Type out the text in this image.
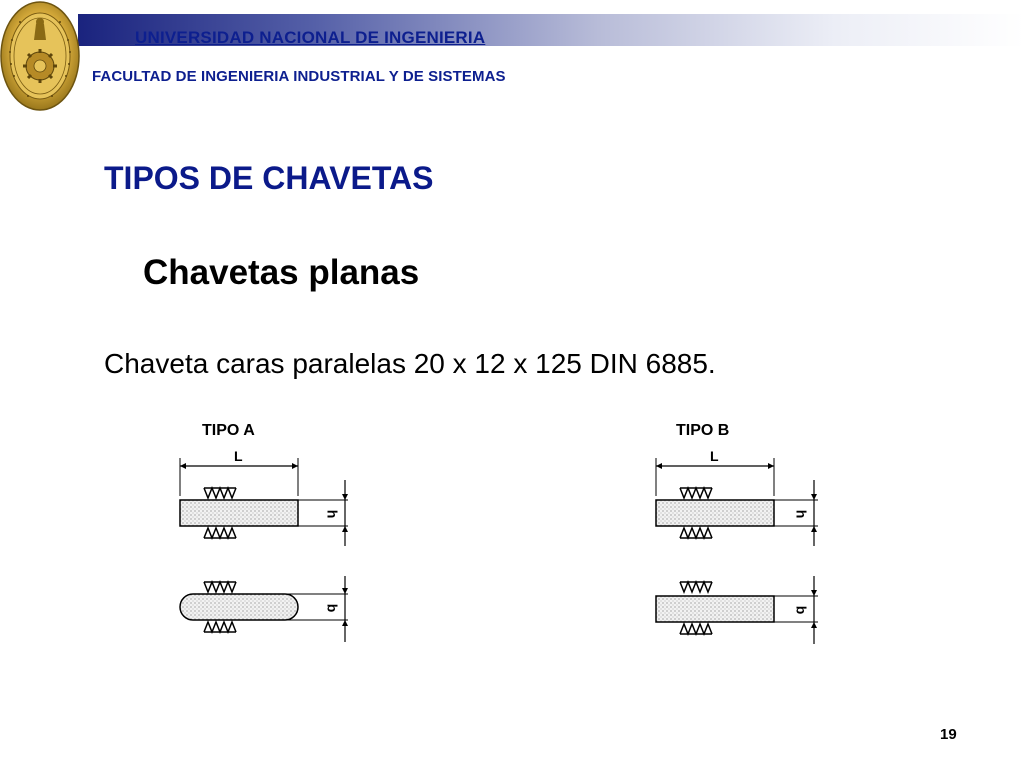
UNIVERSIDAD NACIONAL DE INGENIERIA
FACULTAD DE INGENIERIA INDUSTRIAL Y DE SISTEMAS
TIPOS DE CHAVETAS
Chavetas planas
Chaveta caras paralelas 20 x 12 x 125 DIN 6885.
TIPO A
L
h
b
TIPO B
L
h
b
19
